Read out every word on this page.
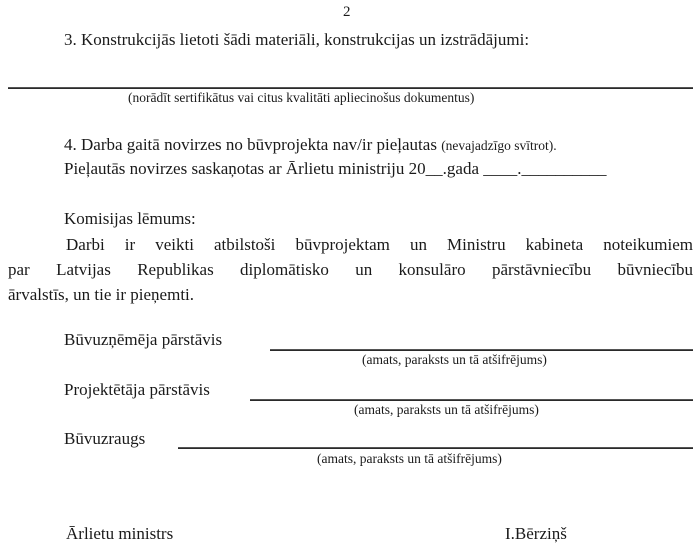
2
3. Konstrukcijās lietoti šādi materiāli, konstrukcijas un izstrādājumi:
(norādīt sertifikātus vai citus kvalitāti apliecinošus dokumentus)
4. Darba gaitā novirzes no būvprojekta nav/ir pieļautas (nevajadzīgo svītrot).
Pieļautās novirzes saskaņotas ar Ārlietu ministriju 20__.gada ____.__________
Komisijas lēmums:
Darbi ir veikti atbilstoši būvprojektam un Ministru kabineta noteikumiem
par Latvijas Republikas diplomātisko un konsulāro pārstāvniecību būvniecību
ārvalstīs, un tie ir pieņemti.
Būvuzņēmēja pārstāvis
(amats, paraksts un tā atšifrējums)
Projektētāja pārstāvis
(amats, paraksts un tā atšifrējums)
Būvuzraugs
(amats, paraksts un tā atšifrējums)
Ārlietu ministrs	I.Bērziņš
